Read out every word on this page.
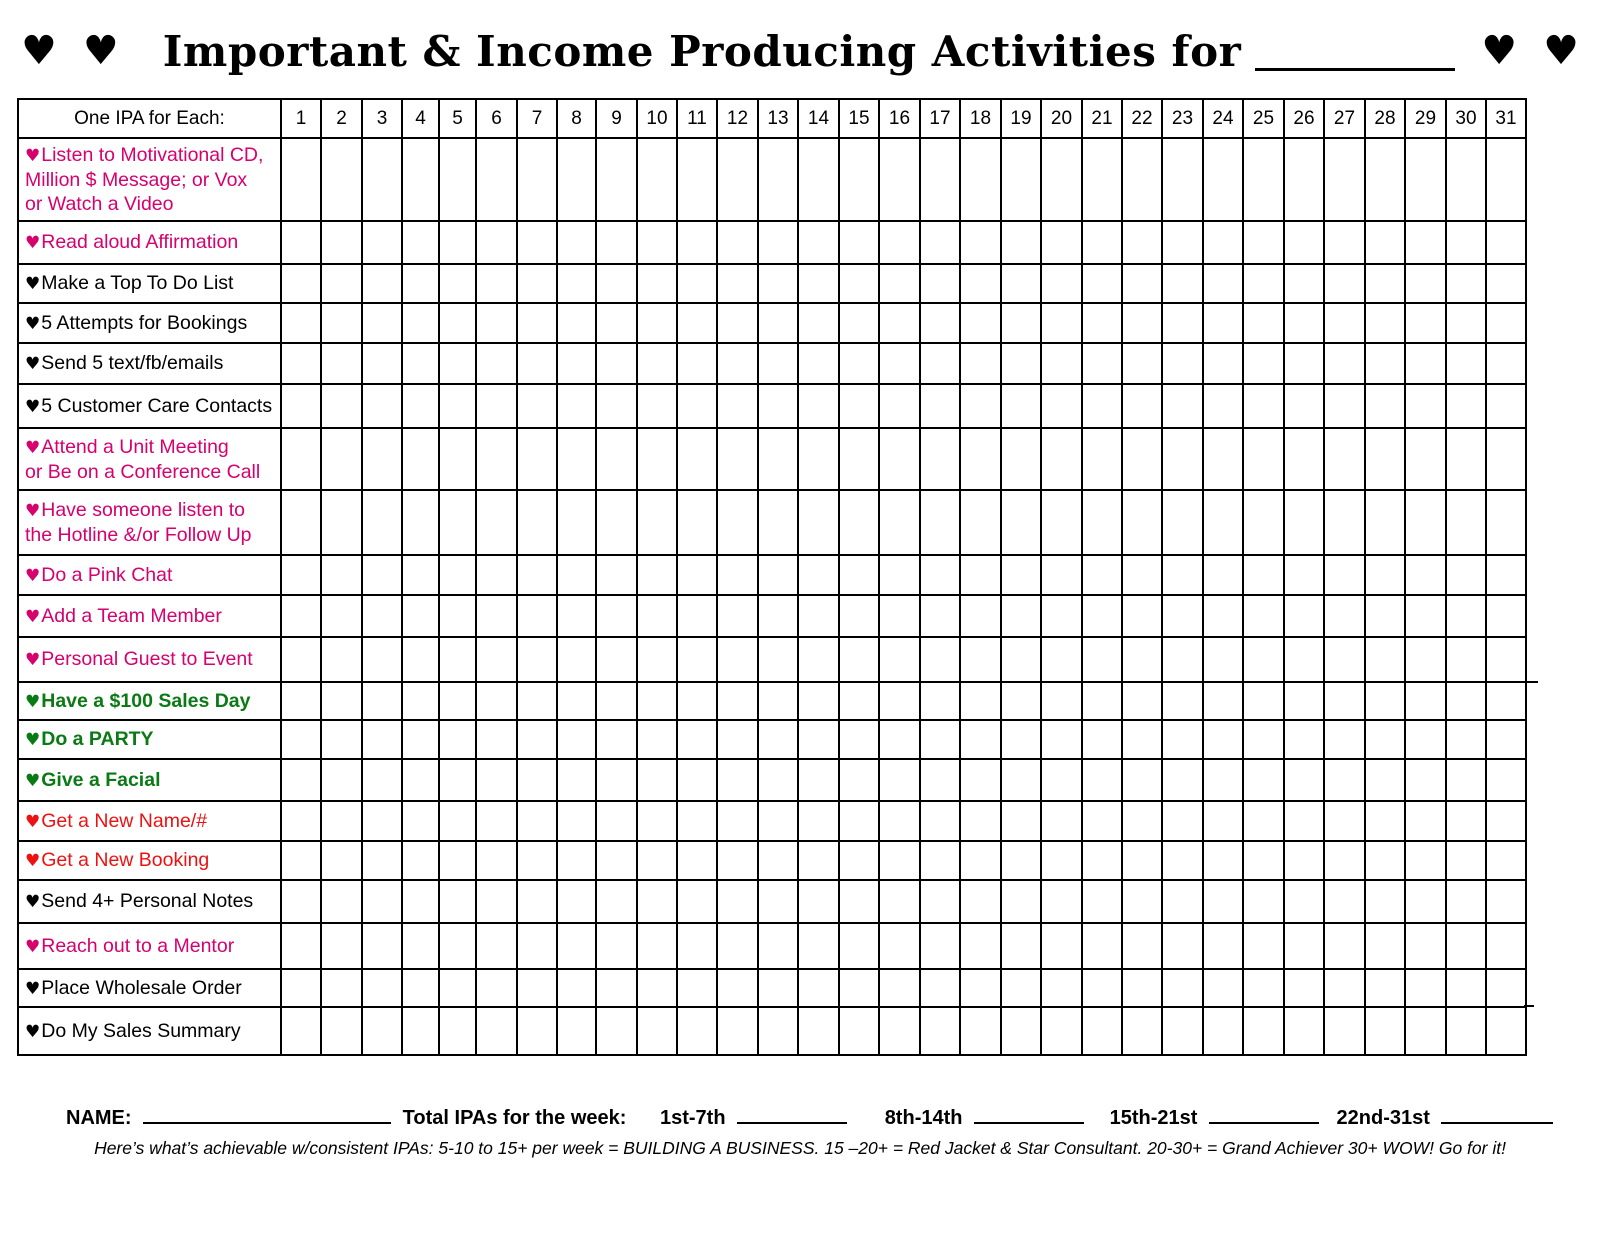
♥ ♥ Important & Income Producing Activities for	♥ ♥
One IPA for Each:	1	2	3	4	5	6	7	8	9	10	11	12	13	14	15	16	17	18	19	20	21	22	23	24	25	26	27	28	29	30	31

♥Listen to Motivational CD,
Million $ Message; or Vox
or Watch a Video																															

♥Read aloud Affirmation																															

♥Make a Top To Do List																															

♥5 Attempts for Bookings																															

♥Send 5 text/fb/emails																															

♥5 Customer Care Contacts																															

♥Attend a Unit Meeting
or Be on a Conference Call																															

♥Have someone listen to
the Hotline &/or Follow Up																															

♥Do a Pink Chat																															

♥Add a Team Member																															

♥Personal Guest to Event																															

♥Have a $100 Sales Day																															

♥Do a PARTY																															

♥Give a Facial																															

♥Get a New Name/#																															

♥Get a New Booking																															

♥Send 4+ Personal Notes																															

♥Reach out to a Mentor																															

♥Place Wholesale Order																															

♥Do My Sales Summary																															

NAME:	Total IPAs for the week: 1st-7th	8th-14th	15th-21st	22nd-31st
Here’s what’s achievable w/consistent IPAs: 5-10 to 15+ per week = BUILDING A BUSINESS. 15 –20+ = Red Jacket & Star Consultant. 20-30+ = Grand Achiever 30+ WOW! Go for it!
